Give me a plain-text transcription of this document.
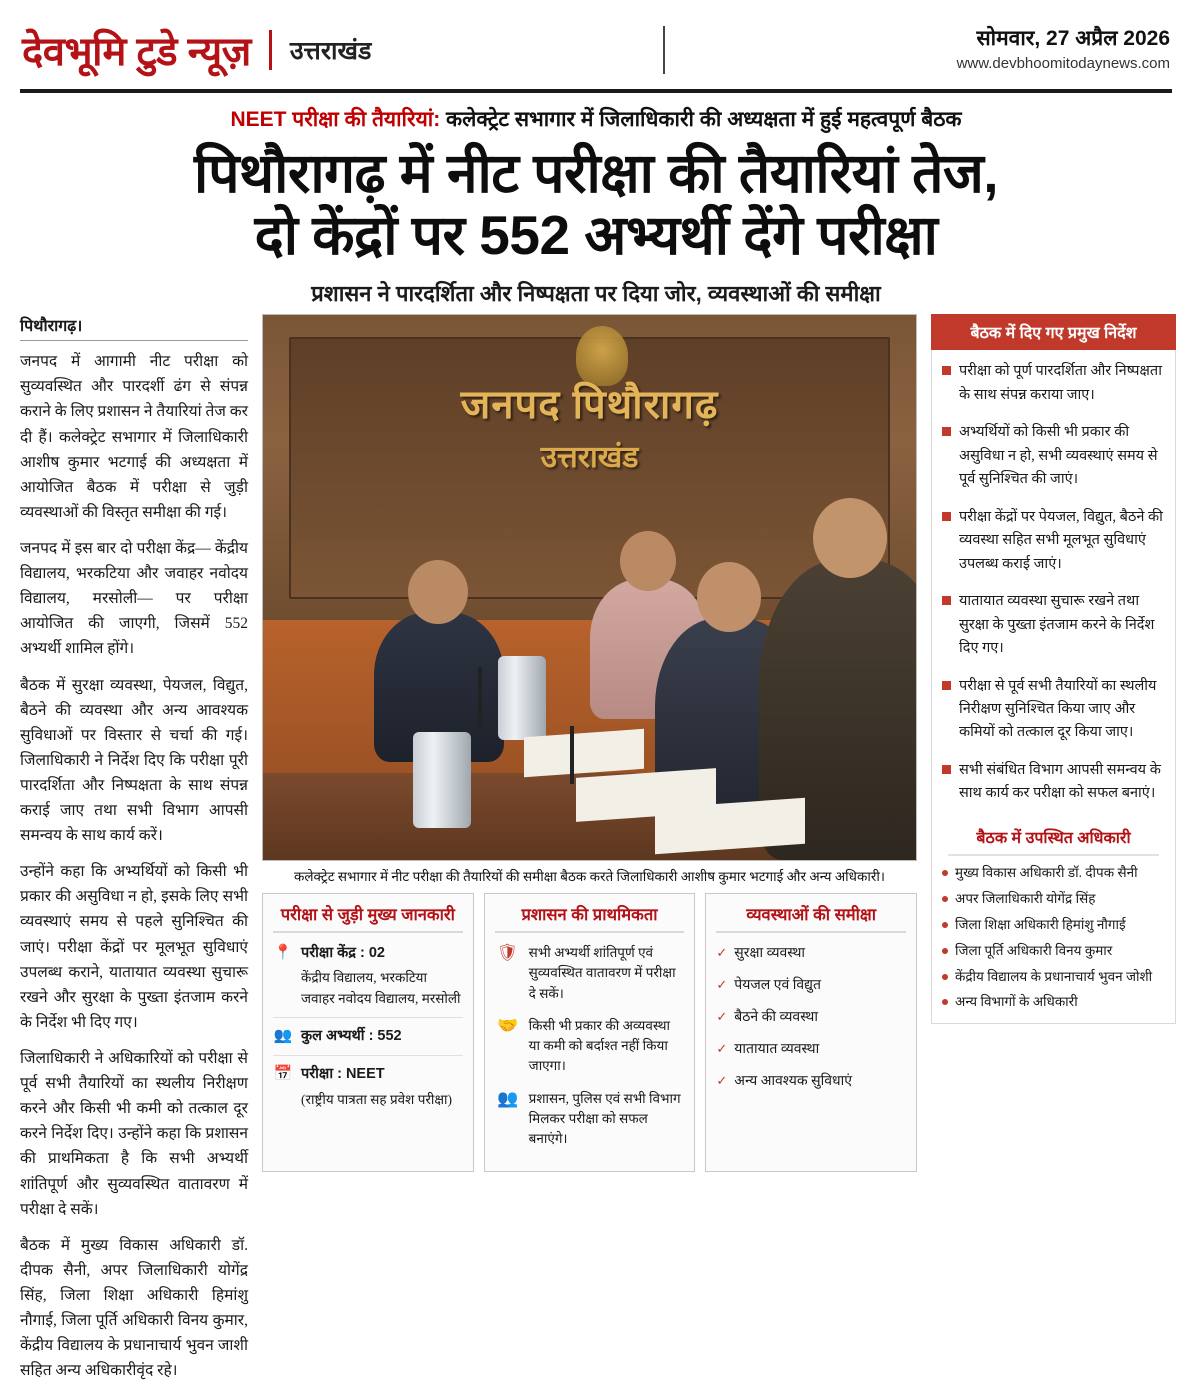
देवभूमि टुडे न्यूज़ उत्तराखंड	सोमवार, 27 अप्रैल 2026
www.devbhoomitodaynews.com
NEET परीक्षा की तैयारियां: कलेक्ट्रेट सभागार में जिलाधिकारी की अध्यक्षता में हुई महत्वपूर्ण बैठक
पिथौरागढ़ में नीट परीक्षा की तैयारियां तेज,
दो केंद्रों पर 552 अभ्यर्थी देंगे परीक्षा
प्रशासन ने पारदर्शिता और निष्पक्षता पर दिया जोर, व्यवस्थाओं की समीक्षा
पिथौरागढ़।

जनपद में आगामी नीट परीक्षा को सुव्यवस्थित और पारदर्शी ढंग से संपन्न कराने के लिए प्रशासन ने तैयारियां तेज कर दी हैं। कलेक्ट्रेट सभागार में जिलाधिकारी आशीष कुमार भटगाई की अध्यक्षता में आयोजित बैठक में परीक्षा से जुड़ी व्यवस्थाओं की विस्तृत समीक्षा की गई।

जनपद में इस बार दो परीक्षा केंद्र— केंद्रीय विद्यालय, भरकटिया और जवाहर नवोदय विद्यालय, मरसोली— पर परीक्षा आयोजित की जाएगी, जिसमें 552 अभ्यर्थी शामिल होंगे।

बैठक में सुरक्षा व्यवस्था, पेयजल, विद्युत, बैठने की व्यवस्था और अन्य आवश्यक सुविधाओं पर विस्तार से चर्चा की गई। जिलाधिकारी ने निर्देश दिए कि परीक्षा पूरी पारदर्शिता और निष्पक्षता के साथ संपन्न कराई जाए तथा सभी विभाग आपसी समन्वय के साथ कार्य करें।

उन्होंने कहा कि अभ्यर्थियों को किसी भी प्रकार की असुविधा न हो, इसके लिए सभी व्यवस्थाएं समय से पहले सुनिश्चित की जाएं। परीक्षा केंद्रों पर मूलभूत सुविधाएं उपलब्ध कराने, यातायात व्यवस्था सुचारू रखने और सुरक्षा के पुख्ता इंतजाम करने के निर्देश भी दिए गए।

जिलाधिकारी ने अधिकारियों को परीक्षा से पूर्व सभी तैयारियों का स्थलीय निरीक्षण करने और किसी भी कमी को तत्काल दूर करने निर्देश दिए। उन्होंने कहा कि प्रशासन की प्राथमिकता है कि सभी अभ्यर्थी शांतिपूर्ण और सुव्यवस्थित वातावरण में परीक्षा दे सकें।

बैठक में मुख्य विकास अधिकारी डॉ. दीपक सैनी, अपर जिलाधिकारी योगेंद्र सिंह, जिला शिक्षा अधिकारी हिमांशु नौगाई, जिला पूर्ति अधिकारी विनय कुमार, केंद्रीय विद्यालय के प्रधानाचार्य भुवन जाशी सहित अन्य अधिकारीवृंद रहे।

जनपद पिथौरागढ़
उत्तराखंड
कलेक्ट्रेट सभागार में नीट परीक्षा की तैयारियों की समीक्षा बैठक करते जिलाधिकारी आशीष कुमार भटगाई और अन्य अधिकारी।
परीक्षा से जुड़ी मुख्य जानकारी
📍 परीक्षा केंद्र : 02
केंद्रीय विद्यालय, भरकटिया
जवाहर नवोदय विद्यालय, मरसोली
👥 कुल अभ्यर्थी : 552
📅 परीक्षा : NEET
(राष्ट्रीय पात्रता सह प्रवेश परीक्षा)
प्रशासन की प्राथमिकता
🛡 सभी अभ्यर्थी शांतिपूर्ण एवं सुव्यवस्थित वातावरण में परीक्षा दे सकें।
🤝 किसी भी प्रकार की अव्यवस्था या कमी को बर्दाश्त नहीं किया जाएगा।
👥 प्रशासन, पुलिस एवं सभी विभाग मिलकर परीक्षा को सफल बनाएंगे।
व्यवस्थाओं की समीक्षा
✓ सुरक्षा व्यवस्था
✓ पेयजल एवं विद्युत
✓ बैठने की व्यवस्था
✓ यातायात व्यवस्था
✓ अन्य आवश्यक सुविधाएं
बैठक में दिए गए प्रमुख निर्देश
परीक्षा को पूर्ण पारदर्शिता और निष्पक्षता के साथ संपन्न कराया जाए।
अभ्यर्थियों को किसी भी प्रकार की असुविधा न हो, सभी व्यवस्थाएं समय से पूर्व सुनिश्चित की जाएं।
परीक्षा केंद्रों पर पेयजल, विद्युत, बैठने की व्यवस्था सहित सभी मूलभूत सुविधाएं उपलब्ध कराई जाएं।
यातायात व्यवस्था सुचारू रखने तथा सुरक्षा के पुख्ता इंतजाम करने के निर्देश दिए गए।
परीक्षा से पूर्व सभी तैयारियों का स्थलीय निरीक्षण सुनिश्चित किया जाए और कमियों को तत्काल दूर किया जाए।
सभी संबंधित विभाग आपसी समन्वय के साथ कार्य कर परीक्षा को सफल बनाएं।
बैठक में उपस्थित अधिकारी
मुख्य विकास अधिकारी डॉ. दीपक सैनी
अपर जिलाधिकारी योगेंद्र सिंह
जिला शिक्षा अधिकारी हिमांशु नौगाई
जिला पूर्ति अधिकारी विनय कुमार
केंद्रीय विद्यालय के प्रधानाचार्य भुवन जोशी
अन्य विभागों के अधिकारी
